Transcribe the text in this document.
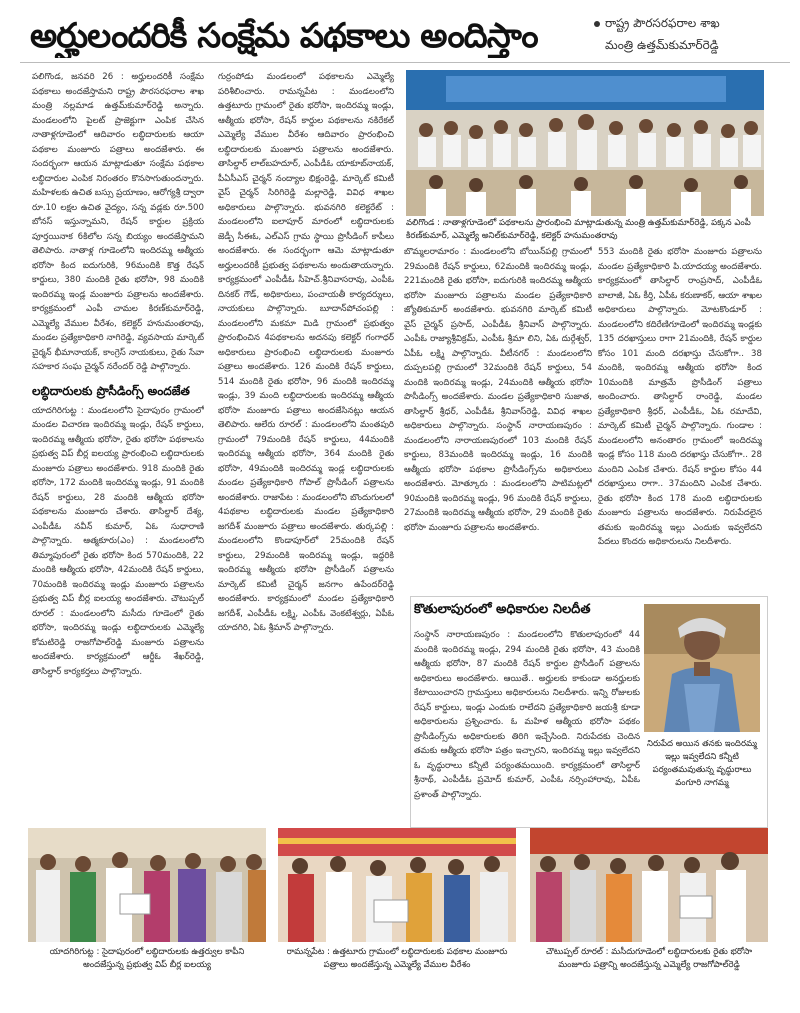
అర్హులందరికీ సంక్షేమ పథకాలు అందిస్తాం	రాష్ట్ర పౌరసరఫరాల శాఖ
మంత్రి ఉత్తమ్‌కుమార్‌రెడ్డి

పలిగొండ, జనవరి 26 : అర్హులందరికీ సంక్షేమ పథకాలు అందజేస్తామని రాష్ట్ర పౌరసరఫరాల శాఖ మంత్రి నల్లమాడ ఉత్తమ్‌కుమార్‌రెడ్డి అన్నారు. మండలంలోని పైలట్ ప్రాజెక్టుగా ఎంపిక చేసిన నాతాళ్లగూడెంలో ఆదివారం లబ్ధిదారులకు ఆయా పథకాల మంజూరు పత్రాలు అందజేశారు. ఈ సందర్భంగా ఆయన మాట్లాడుతూ సంక్షేమ పథకాల లబ్ధిదారుల ఎంపిక నిరంతరం కొనసాగుతుందన్నారు. మహిళలకు ఉచిత బస్సు ప్రయాణం, ఆరోగ్యశ్రీ ద్వారా రూ.10 లక్షల ఉచిత వైద్యం, సన్న వడ్లకు రూ.500 బోనస్ ఇస్తున్నామని, రేషన్ కార్డుల ప్రక్రియ పూర్తయినాక 6కిలోల సన్న బియ్యం అందజేస్తామని తెలిపారు. నాతాళ్ల గూడెంలోని ఇందిరమ్మ ఆత్మీయ భరోసా కింద ఐదుగురికి, 96మందికి కొత్త రేషన్ కార్డులు, 380 మందికి రైతు భరోసా, 98 మందికి ఇందిరమ్మ ఇండ్ల మంజూరు పత్రాలను అందజేశారు. కార్యక్రమంలో ఎంపీ చామల కిరణ్‌కుమార్‌రెడ్డి, ఎమ్మెల్యే వేముల వీరేశం, కలెక్టర్ హనుమంతరావు, మండల ప్రత్యేకాధికారి నాగిరెడ్డి, వ్యవసాయ మార్కెట్ చైర్మన్ భీమానాయక్, కాంగ్రెస్ నాయకులు, రైతు సేవా సహకార సంఘ చైర్మన్ నరేందర్ రెడ్డి పాల్గొన్నారు.

లబ్ధిదారులకు ప్రొసీడింగ్స్ అందజేత

యాదగిరిగుట్ట : మండలంలోని సైదాపురం గ్రామంలో మండల విచారణ ఇందిరమ్మ ఇండ్లు, రేషన్ కార్డులు, ఇందిరమ్మ ఆత్మీయ భరోసా, రైతు భరోసా పథకాలను ప్రభుత్వ విప్ బీర్ల ఐలయ్య ప్రారంభించి లబ్ధిదారులకు మంజూరు పత్రాలు అందజేశారు. 918 మందికి రైతు భరోసా, 172 మందికి ఇందిరమ్మ ఇండ్లు, 91 మందికి రేషన్ కార్డులు, 28 మందికి ఆత్మీయ భరోసా పథకాలను మంజూరు చేశారు. తాసిల్దార్ దేశ్య, ఎంపీడీఓ నవీన్ కుమార్, ఏఓ సుధారాణి పాల్గొన్నారు. ఆత్మకూరు(ఎం) : మండలంలోని తిమ్మాపురంలో రైతు భరోసా కింద 570మందికి, 22 మందికి ఆత్మీయ భరోసా, 42మందికి రేషన్ కార్డులు, 70మందికి ఇందిరమ్మ ఇండ్లు మంజూరు పత్రాలను ప్రభుత్వ విప్ బీర్ల ఐలయ్య అందజేశారు. చౌటుప్పల్ రూరల్ : మండలంలోని మసీదు గూడెంలో రైతు భరోసా, ఇందిరమ్మ ఇండ్లు లబ్ధిదారులకు ఎమ్మెల్యే కోమటిరెడ్డి రాజగోపాల్‌రెడ్డి మంజూరు పత్రాలను అందజేశారు. కార్యక్రమంలో ఆర్డీఓ శేఖర్‌రెడ్డి, తాసిల్దార్ కార్యకర్తలు పాల్గొన్నారు.

గుర్రంపోడు మండలంలో పథకాలను ఎమ్మెల్యే పరిశీలించారు. రామన్నపేట : మండలంలోని ఉత్తటూరు గ్రామంలో రైతు భరోసా, ఇందిరమ్మ ఇండ్లు, ఆత్మీయ భరోసా, రేషన్ కార్డుల పథకాలను నకిరేకల్ ఎమ్మెల్యే వేముల వీరేశం ఆదివారం ప్రారంభించి లబ్ధిదారులకు మంజూరు పత్రాలను అందజేశారు. తాసిల్దార్ లాల్‌బహదూర్, ఎంపీడీఓ యాకూబ్‌నాయక్, పీఏసీఎస్ చైర్మన్ నంద్యాల భిక్షంరెడ్డి, మార్కెట్ కమిటీ వైస్ చైర్మన్ సిరిగిరెడ్డి మల్లారెడ్డి, వివిధ శాఖల అధికారులు పాల్గొన్నారు. భువనగిరి కలెక్టరేట్ : మండలంలోని ఐలాపూర్ మారంలో లబ్ధిదారులకు జెడ్పీ సీఈఓ, ఎల్‌ఎస్ గ్రామ స్థాయి ప్రొసీడింగ్ కాపీలు అందజేశారు. ఈ సందర్భంగా ఆమె మాట్లాడుతూ అర్హులందరికీ ప్రభుత్వ పథకాలను అందుతాయన్నారు. కార్యక్రమంలో ఎంపీడీఓ సీహెచ్.శ్రీనివాసరావు, ఎంపీఓ దినకర్ గౌడ్, అధికారులు, పంచాయతీ కార్యదర్శులు, నాయకులు పాల్గొన్నారు. బూదాన్‌పోచంపల్లి : మండలంలోని మకమా మిడి గ్రామంలో ప్రభుత్వం ప్రారంభించిన 4పథకాలను అదనపు కలెక్టర్ గంగాధర్ అధికారులు ప్రారంభించి లబ్ధిదారులకు మంజూరు పత్రాలు అందజేశారు. 126 మందికి రేషన్ కార్డులు, 514 మందికి రైతు భరోసా, 96 మందికి ఇందిరమ్మ ఇండ్లు, 39 మంది లబ్ధిదారులకు ఇందిరమ్మ ఆత్మీయ భరోసా మంజూరు పత్రాలు అందజేసినట్లు ఆయన తెలిపారు. ఆలేరు రూరల్ : మండలంలోని మంతపురి గ్రామంలో 79మందికి రేషన్ కార్డులు, 44మందికి ఇందిరమ్మ ఆత్మీయ భరోసా, 364 మందికి రైతు భరోసా, 49మందికి ఇందిరమ్మ ఇండ్ల లబ్ధిదారులకు మండల ప్రత్యేకాధికారి గోపాల్ ప్రొసీడింగ్ పత్రాలను అందజేశారు. రాజాపేట : మండలంలోని బొందుగులలో 4పథకాల లబ్ధిదారులకు మండల ప్రత్యేకాధికారి జగదీశ్ మంజూరు పత్రాలు అందజేశారు. తుర్కపల్లి : మండలంలోని కొండాపూర్‌లో 25మందికి రేషన్ కార్డులు, 29మందికి ఇందిరమ్మ ఇండ్లు, ఇద్దరికి ఇందిరమ్మ ఆత్మీయ భరోసా ప్రొసీడింగ్ పత్రాలను మార్కెట్ కమిటీ చైర్మన్ జనగాం ఉపేందర్‌రెడ్డి అందజేశారు. కార్యక్రమంలో మండల ప్రత్యేకాధికారి జగదీశ్, ఎంపీడీఓ లక్ష్మి, ఎంపీఓ వెంకటేశ్వర్లు, ఏపీఓ యాదగిరి, ఏఓ శ్రీమాన్ పాల్గొన్నారు.

వలిగొండ : నాతాళ్లగూడెంలో పథకాలను ప్రారంభించి మాట్లాడుతున్న మంత్రి ఉత్తమ్‌కుమార్‌రెడ్డి, పక్కన ఎంపీ కిరణ్‌కుమార్, ఎమ్మెల్యే అనిల్‌కుమార్‌రెడ్డి, కలెక్టర్ హనుమంతరావు

బొమ్మలరామారం : మండలంలోని బోయిన్‌పల్లి గ్రామంలో 29మందికి రేషన్ కార్డులు, 62మందికి ఇందిరమ్మ ఇండ్లు, 221మందికి రైతు భరోసా, ఐదుగురికి ఇందిరమ్మ ఆత్మీయ భరోసా మంజూరు పత్రాలను మండల ప్రత్యేకాధికారి జ్యోతికుమార్ అందజేశారు. భువనగిరి మార్కెట్ కమిటీ వైస్ చైర్మన్ ప్రసాద్, ఎంపీడీఓ శ్రీనివాస్ పాల్గొన్నారు. ఎంపీఓ రాజ్యాశ్రీవిక్రమ్, ఎంపీఓ శ్రీమా లిని, ఏఓ దుర్గేశ్వర్, ఏపీఓ లక్ష్మి పాల్గొన్నారు. వీటీనగర్ : మండలంలోని దుప్పలపల్లి గ్రామంలో 32మందికి రేషన్ కార్డులు, 54 మందికి ఇందిరమ్మ ఇండ్లు, 24మందికి ఆత్మీయ భరోసా పొసీడింగ్స్ అందజేశారు. మండల ప్రత్యేకాధికారి సుజాత, తాసిల్దార్ శ్రీధర్, ఎంపీడీఓ శ్రీనివాస్‌రెడ్డి, వివిధ శాఖల అధికారులు పాల్గొన్నారు. సంస్థాన్ నారాయణపురం : మండలంలోని నారాయణపురంలో 103 మందికి రేషన్ కార్డులు, 83మందికి ఇందిరమ్మ ఇండ్లు, 16 మందికి ఆత్మీయ భరోసా పథకాల ప్రొసీడింగ్స్‌ను అధికారులు అందజేశారు. మోత్కూరు : మండలంలోని పాటిమట్లలో 90మందికి ఇందిరమ్మ ఇండ్లు, 96 మందికి రేషన్ కార్డులు, 27మందికి ఇందిరమ్మ ఆత్మీయ భరోసా, 29 మందికి రైతు భరోసా మంజూరు పత్రాలను అందజేశారు.

553 మందికి రైతు భరోసా మంజూరు పత్రాలను మండల ప్రత్యేకాధికారి పి.యాదయ్య అందజేశారు. కార్యక్రమంలో తాసిల్దార్ రాంప్రసాద్, ఎంపీడీఓ బాలాజీ, ఏఓ కీర్తి, ఏపీఓ కరుణాకర్, ఆయా శాఖల అధికారులు పాల్గొన్నారు. మోటకొండూర్ : మండలంలోని కదిరేణిగూడెంలో ఇందిరమ్మ ఇండ్లకు 135 దరఖాస్తులు రాగా 21మందికి, రేషన్ కార్డుల కోసం 101 మంది దరఖాస్తు చేసుకోగా.. 38 మందికి, ఇందిరమ్మ ఆత్మీయ భరోసా కింద 10మందికి మాత్రమే ప్రొసీడింగ్ పత్రాలు అందించారు. తాసిల్దార్ రాంరెడ్డి, మండల ప్రత్యేకాధికారి శ్రీధర్, ఎంపీడీఓ, ఏఓ రమాదేవి, మార్కెట్ కమిటీ చైర్మన్ పాల్గొన్నారు. గుండాల : మండలంలోని అనంతారం గ్రామంలో ఇందిరమ్మ ఇండ్ల కోసం 118 మంది దరఖాస్తు చేసుకోగా.. 28 మందిని ఎంపిక చేశారు. రేషన్ కార్డుల కోసం 44 దరఖాస్తులు రాగా.. 37మందిని ఎంపిక చేశారు. రైతు భరోసా కింద 178 మంది లబ్ధిదారులకు మంజూరు పత్రాలను అందజేశారు. నిరుపేదలైన తమకు ఇందిరమ్మ ఇల్లు ఎందుకు ఇవ్వలేదని పేదలు కొందరు అధికారులను నిలదీశారు.

కొతులాపురంలో అధికారుల నిలదీత

సంస్థాన్ నారాయణపురం : మండలంలోని కొతులాపురంలో 44 మందికి ఇందిరమ్మ ఇండ్లు, 294 మందికి రైతు భరోసా, 43 మందికి ఆత్మీయ భరోసా, 87 మందికి రేషన్ కార్డుల ప్రొసీడింగ్ పత్రాలను అధికారులు అందజేశారు. ఆయితే.. అర్హులకు కాకుండా అనర్హులకు కేటాయించారని గ్రామస్తులు అధికారులను నిలదీశారు. ఇన్ని రోజులకు రేషన్ కార్డులు, ఇండ్లు ఎందుకు రాలేదని ప్రత్యేకాధికారి జయశ్రీ కూడా అధికారులను ప్రశ్నించారు. ఓ మహిళ ఆత్మీయ భరోసా పథకం ప్రొసీడింగ్స్‌ను అధికారులకు తిరిగి ఇచ్చేసింది. నిరుపేదకు చెందిన తమకు ఆత్మీయ భరోసా పత్రం ఇచ్చారని, ఇందిరమ్మ ఇల్లు ఇవ్వలేదని ఓ వృద్ధురాలు కన్నీటి పర్యంతమయింది. కార్యక్రమంలో తాసిల్దార్ శ్రీనాథ్, ఎంపీడీఓ ప్రమోద్ కుమార్, ఎంపీఓ నర్సింహారావు, ఏపీఓ ప్రశాంత్ పాల్గొన్నారు.

నిరుపేద అయిన తనకు ఇందిరమ్మ ఇల్లు ఇవ్వలేదని కన్నీటి పర్యంతమవుతున్న వృద్ధురాలు వంగూరి నాగమ్మ
యాదగిరిగుట్ట : సైదాపురంలో లబ్ధిదారులకు ఉత్తర్వుల కాపీని అందజేస్తున్న ప్రభుత్వ విప్ బీర్ల ఐలయ్య
రామన్నపేట : ఉత్తటూరు గ్రామంలో లబ్ధిదారులకు పథకాల మంజూరు పత్రాలు అందజేస్తున్న ఎమ్మెల్యే వేముల వీరేశం
చౌటుప్పల్ రూరల్ : మసీదుగూడెంలో లబ్ధిదారులకు రైతు భరోసా మంజూరు పత్రాన్ని అందజేస్తున్న ఎమ్మెల్యే రాజగోపాల్‌రెడ్డి
